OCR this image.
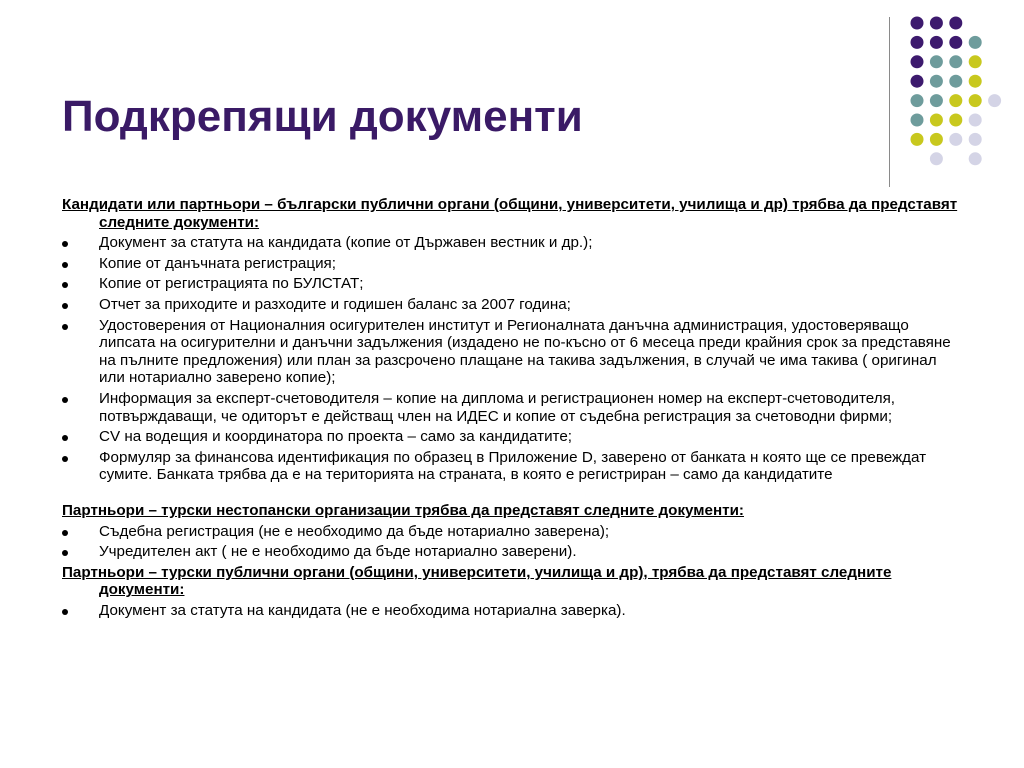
Подкрепящи документи
Кандидати или партньори – български публични органи (общини, университети, училища и др) трябва да представят следните документи:
Документ за статута на кандидата (копие от Държавен вестник и др.);
Копие от данъчната регистрация;
Копие от регистрацията по БУЛСТАТ;
Отчет за приходите и разходите и годишен баланс за 2007 година;
Удостоверения от Националния осигурителен институт и Регионалната данъчна администрация, удостоверяващо липсата на осигурителни и данъчни задължения (издадено не по-късно от 6 месеца преди крайния срок за представяне на пълните предложения) или план за разсрочено плащане на такива задължения, в случай че има такива ( оригинал или нотариално заверено копие);
Информация за експерт-счетоводителя – копие на диплома и регистрационен номер на експерт-счетоводителя, потвърждаващи, че одиторът е действащ член на ИДЕС и копие от съдебна регистрация за счетоводни фирми;
CV на водещия и координатора по проекта – само за кандидатите;
Формуляр за финансова идентификация по образец в Приложение D, заверено от банката н която ще се превеждат сумите. Банката трябва да е на територията на страната, в която е регистриран – само да кандидатите
Партньори – турски нестопански организации трябва да представят следните документи:
Съдебна регистрация (не е необходимо да бъде нотариално заверена);
Учредителен акт ( не е необходимо да бъде нотариално заверени).
Партньори – турски публични органи (общини, университети, училища и др), трябва да представят следните документи:
Документ за статута на кандидата (не е необходима нотариална заверка).
